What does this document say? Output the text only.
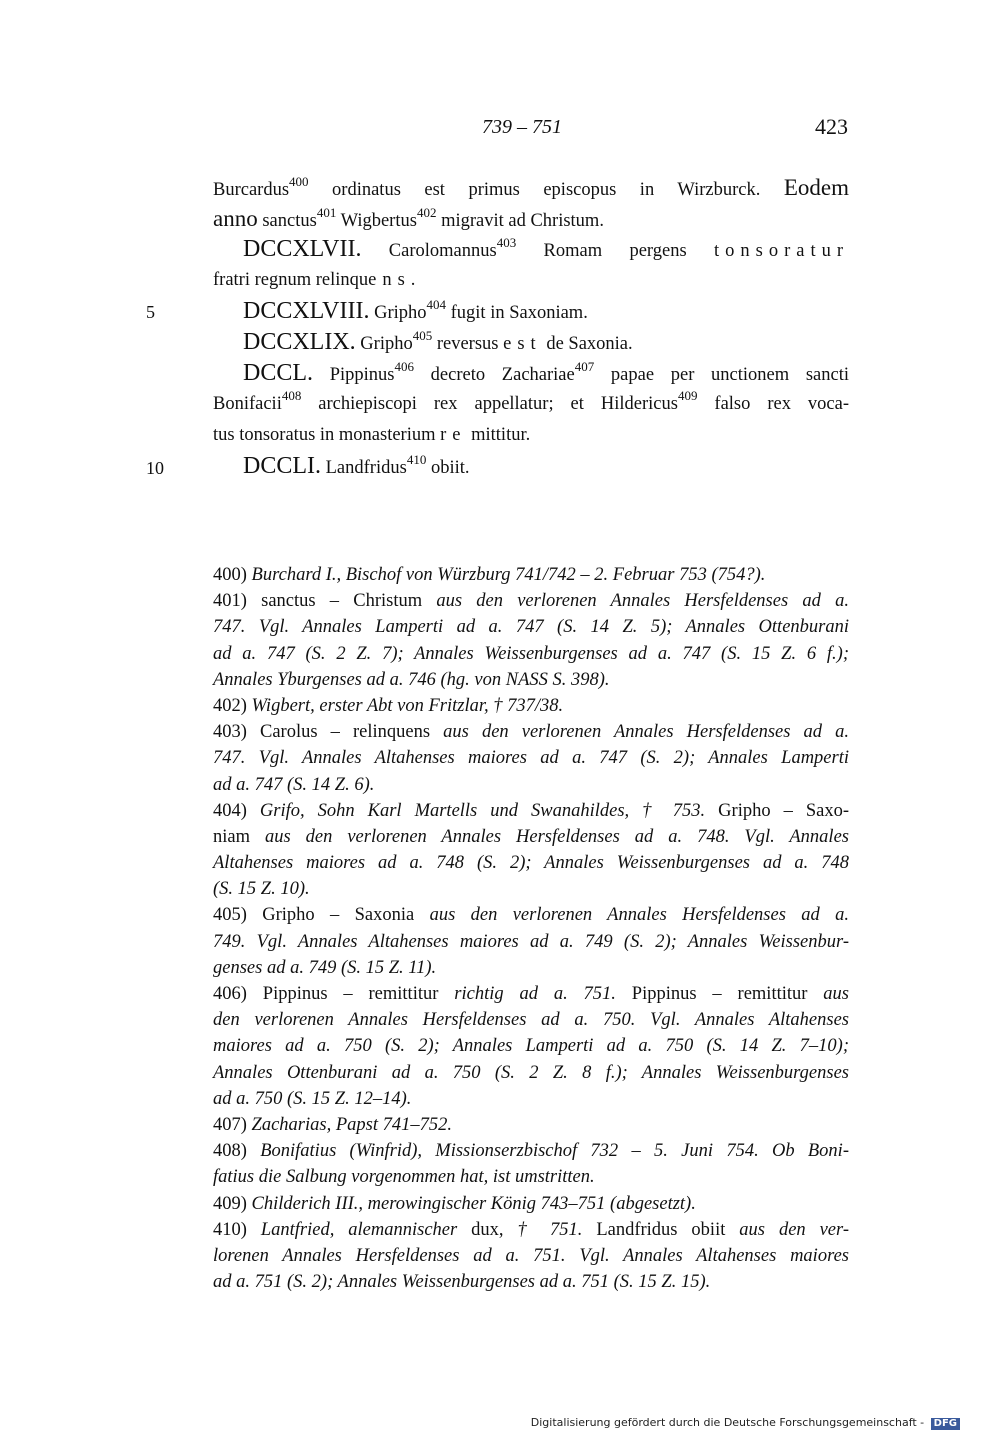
739 – 751	423
5
10
Burcardus$^{400}$ ordinatus est primus episcopus in Wirzburck. Eodem
anno sanctus$^{401}$ Wigbertus$^{402}$ migravit ad Christum.
DCCXLVII. Carolomannus$^{403}$ Romam pergens tonsoratur
fratri regnum relinquens.
DCCXLVIII. Gripho$^{404}$ fugit in Saxoniam.
DCCXLIX. Gripho$^{405}$ reversus est de Saxonia.
DCCL. Pippinus$^{406}$ decreto Zachariae$^{407}$ papae per unctionem sancti
Bonifacii$^{408}$ archiepiscopi rex appellatur; et Hildericus$^{409}$ falso rex voca-
tus tonsoratus in monasterium re mittitur.
DCCLI. Landfridus$^{410}$ obiit.
400) Burchard I., Bischof von Würzburg 741/742 – 2. Februar 753 (754?).
401) sanctus – Christum aus den verlorenen Annales Hersfeldenses ad a.
747. Vgl. Annales Lamperti ad a. 747 (S. 14 Z. 5); Annales Ottenburani
ad a. 747 (S. 2 Z. 7); Annales Weissenburgenses ad a. 747 (S. 15 Z. 6 f.);
Annales Yburgenses ad a. 746 (hg. von NASS S. 398).
402) Wigbert, erster Abt von Fritzlar, † 737/38.
403) Carolus – relinquens aus den verlorenen Annales Hersfeldenses ad a.
747. Vgl. Annales Altahenses maiores ad a. 747 (S. 2); Annales Lamperti
ad a. 747 (S. 14 Z. 6).
404) Grifo, Sohn Karl Martells und Swanahildes, † 753. Gripho – Saxo-
niam aus den verlorenen Annales Hersfeldenses ad a. 748. Vgl. Annales
Altahenses maiores ad a. 748 (S. 2); Annales Weissenburgenses ad a. 748
(S. 15 Z. 10).
405) Gripho – Saxonia aus den verlorenen Annales Hersfeldenses ad a.
749. Vgl. Annales Altahenses maiores ad a. 749 (S. 2); Annales Weissenbur-
genses ad a. 749 (S. 15 Z. 11).
406) Pippinus – remittitur richtig ad a. 751. Pippinus – remittitur aus
den verlorenen Annales Hersfeldenses ad a. 750. Vgl. Annales Altahenses
maiores ad a. 750 (S. 2); Annales Lamperti ad a. 750 (S. 14 Z. 7–10);
Annales Ottenburani ad a. 750 (S. 2 Z. 8 f.); Annales Weissenburgenses
ad a. 750 (S. 15 Z. 12–14).
407) Zacharias, Papst 741–752.
408) Bonifatius (Winfrid), Missionserzbischof 732 – 5. Juni 754. Ob Boni-
fatius die Salbung vorgenommen hat, ist umstritten.
409) Childerich III., merowingischer König 743–751 (abgesetzt).
410) Lantfried, alemannischer dux, † 751. Landfridus obiit aus den ver-
lorenen Annales Hersfeldenses ad a. 751. Vgl. Annales Altahenses maiores
ad a. 751 (S. 2); Annales Weissenburgenses ad a. 751 (S. 15 Z. 15).
Digitalisierung gefördert durch die Deutsche Forschungsgemeinschaft - DFG
